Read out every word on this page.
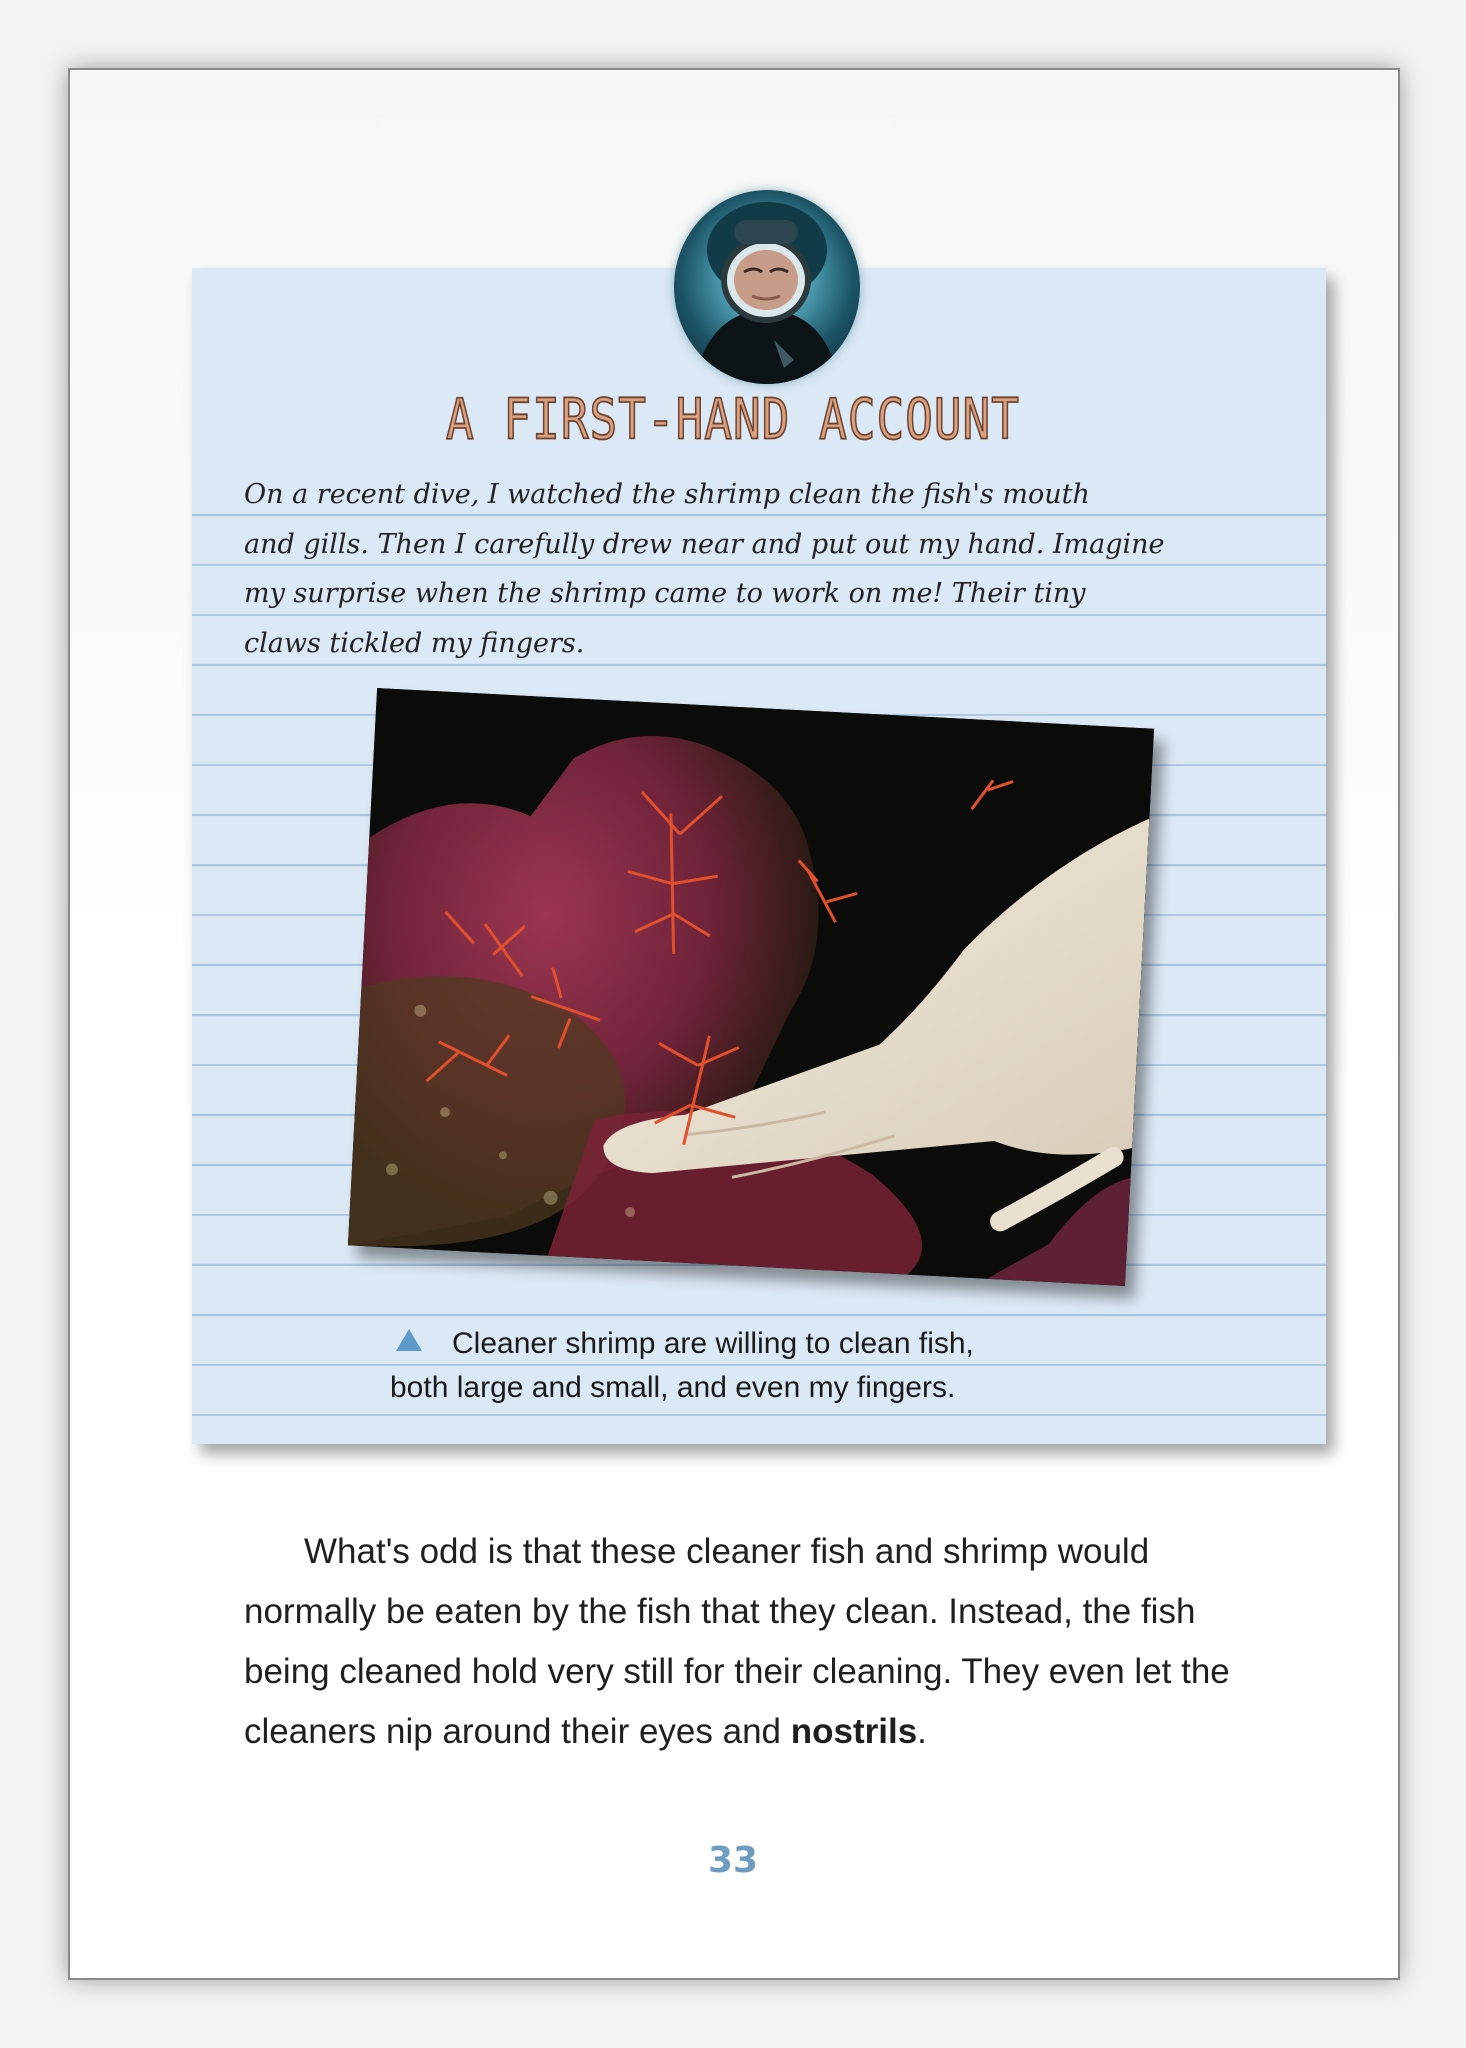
A FIRST-HAND ACCOUNT
On a recent dive, I watched the shrimp clean the fish's mouth
and gills. Then I carefully drew near and put out my hand. Imagine
my surprise when the shrimp came to work on me! Their tiny
claws tickled my fingers.
Cleaner shrimp are willing to clean fish,
both large and small, and even my fingers.

What's odd is that these cleaner fish and shrimp would normally be eaten by the fish that they clean. Instead, the fish being cleaned hold very still for their cleaning. They even let the cleaners nip around their eyes and nostrils.

33
